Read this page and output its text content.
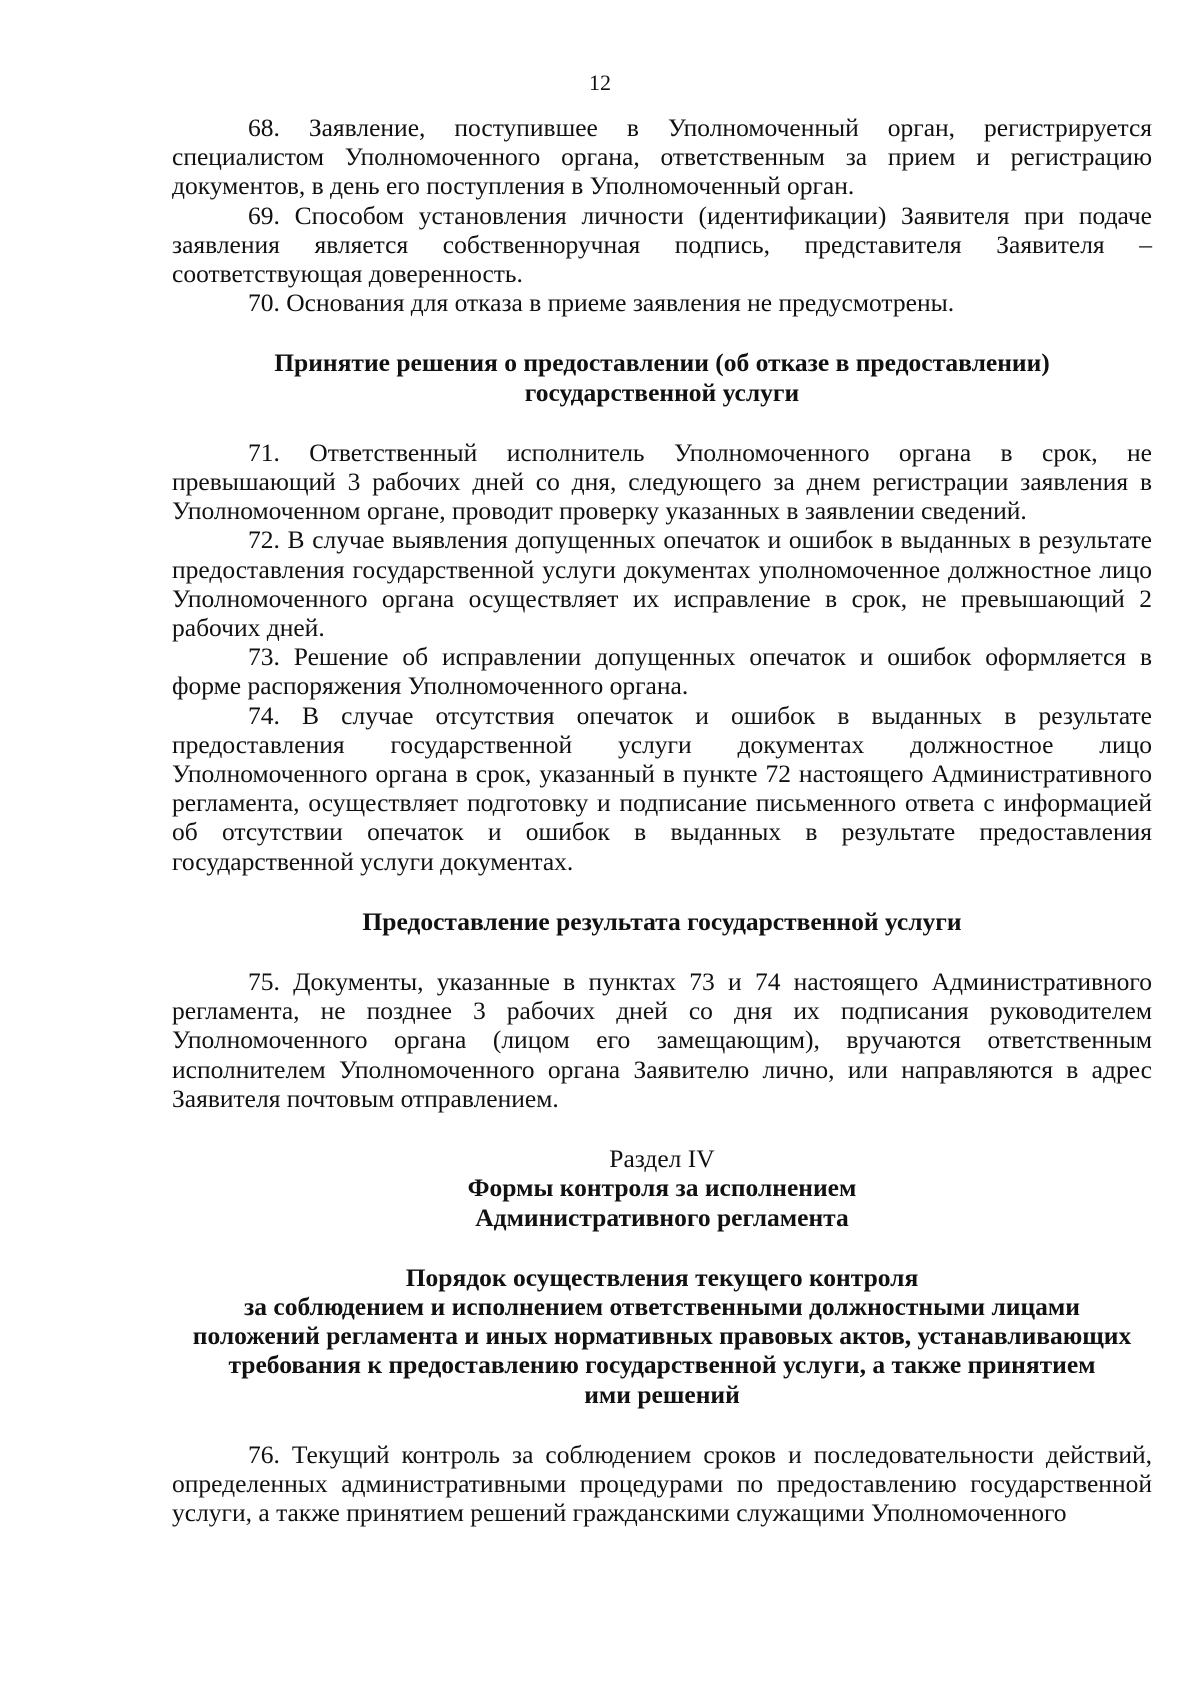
12

68. Заявление, поступившее в Уполномоченный орган, регистрируется специалистом Уполномоченного органа, ответственным за прием и регистрацию документов, в день его поступления в Уполномоченный орган.

69. Способом установления личности (идентификации) Заявителя при подаче заявления является собственноручная подпись, представителя Заявителя – соответствующая доверенность.

70. Основания для отказа в приеме заявления не предусмотрены.

Принятие решения о предоставлении (об отказе в предоставлении)
государственной услуги

71. Ответственный исполнитель Уполномоченного органа в срок, не превышающий 3 рабочих дней со дня, следующего за днем регистрации заявления в Уполномоченном органе, проводит проверку указанных в заявлении сведений.

72. В случае выявления допущенных опечаток и ошибок в выданных в результате предоставления государственной услуги документах уполномоченное должностное лицо Уполномоченного органа осуществляет их исправление в срок, не превышающий 2 рабочих дней.

73. Решение об исправлении допущенных опечаток и ошибок оформляется в форме распоряжения Уполномоченного органа.

74. В случае отсутствия опечаток и ошибок в выданных в результате предоставления государственной услуги документах должностное лицо Уполномоченного органа в срок, указанный в пункте 72 настоящего Административного регламента, осуществляет подготовку и подписание письменного ответа с информацией об отсутствии опечаток и ошибок в выданных в результате предоставления государственной услуги документах.

Предоставление результата государственной услуги

75. Документы, указанные в пунктах 73 и 74 настоящего Административного регламента, не позднее 3 рабочих дней со дня их подписания руководителем Уполномоченного органа (лицом его замещающим), вручаются ответственным исполнителем Уполномоченного органа Заявителю лично, или направляются в адрес Заявителя почтовым отправлением.

Раздел IV

Формы контроля за исполнением
Административного регламента
Порядок осуществления текущего контроля
за соблюдением и исполнением ответственными должностными лицами
положений регламента и иных нормативных правовых актов, устанавливающих
требования к предоставлению государственной услуги, а также принятием
ими решений

76. Текущий контроль за соблюдением сроков и последовательности действий, определенных административными процедурами по предоставлению государственной услуги, а также принятием решений гражданскими служащими Уполномоченного
